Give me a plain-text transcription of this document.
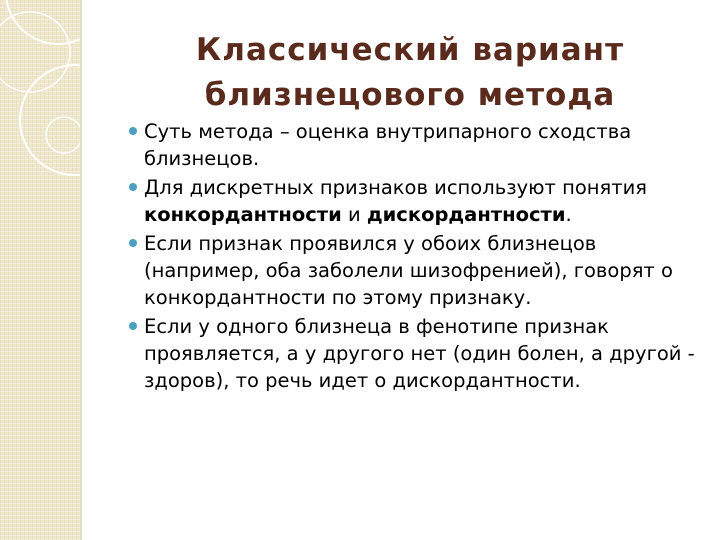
Классический вариант
близнецового метода
Суть метода – оценка внутрипарного сходства близнецов.
Для дискретных признаков используют понятия конкордантности и дискордантности.
Если признак проявился у обоих близнецов (например, оба заболели шизофренией), говорят о конкордантности по этому признаку.
Если у одного близнеца в фенотипе признак проявляется, а у другого нет (один болен, а другой - здоров), то речь идет о дискордантности.
